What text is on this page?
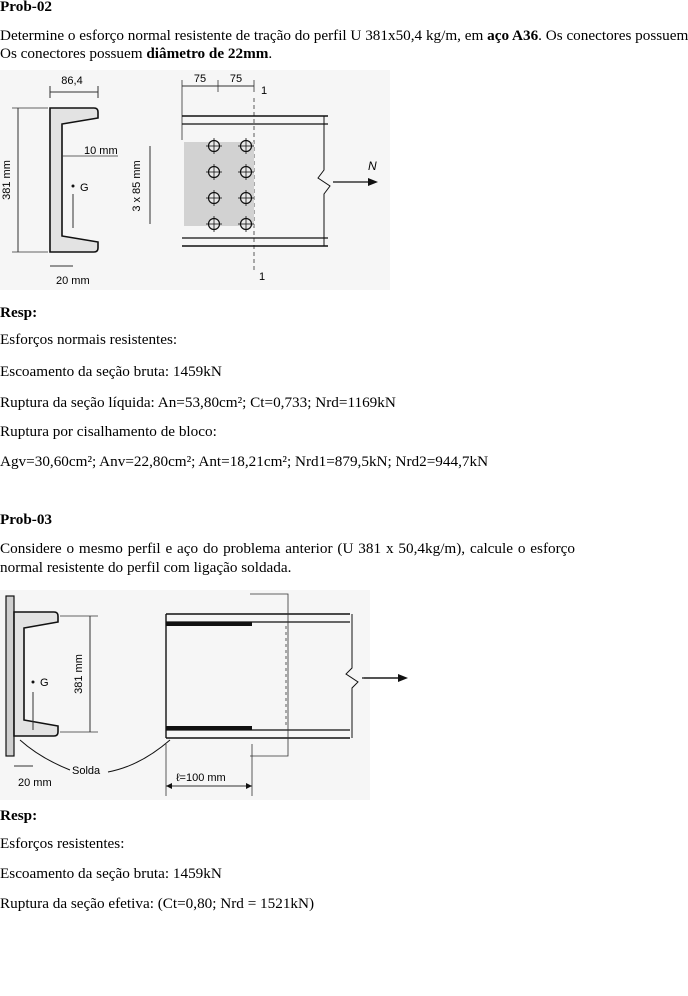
Prob-02

Determine o esforço normal resistente de tração do perfil U 381x50,4 kg/m, em aço A36. Os conectores possuem

Os conectores possuem diâmetro de 22mm.

86,4
381 mm
10 mm
G
20 mm
75 75
1
1
3 x 85 mm	N

Resp:

Esforços normais resistentes:

Escoamento da seção bruta: 1459kN

Ruptura da seção líquida: An=53,80cm²; Ct=0,733; Nrd=1169kN

Ruptura por cisalhamento de bloco:

Agv=30,60cm²; Anv=22,80cm²; Ant=18,21cm²; Nrd1=879,5kN; Nrd2=944,7kN

Prob-03

Considere o mesmo perfil e aço do problema anterior (U 381 x 50,4kg/m), calcule o esforço normal resistente do perfil com ligação soldada.

G 381 mm
20 mm
Solda
ℓ=100 mm

Resp:

Esforços resistentes:

Escoamento da seção bruta: 1459kN

Ruptura da seção efetiva: (Ct=0,80; Nrd = 1521kN)
